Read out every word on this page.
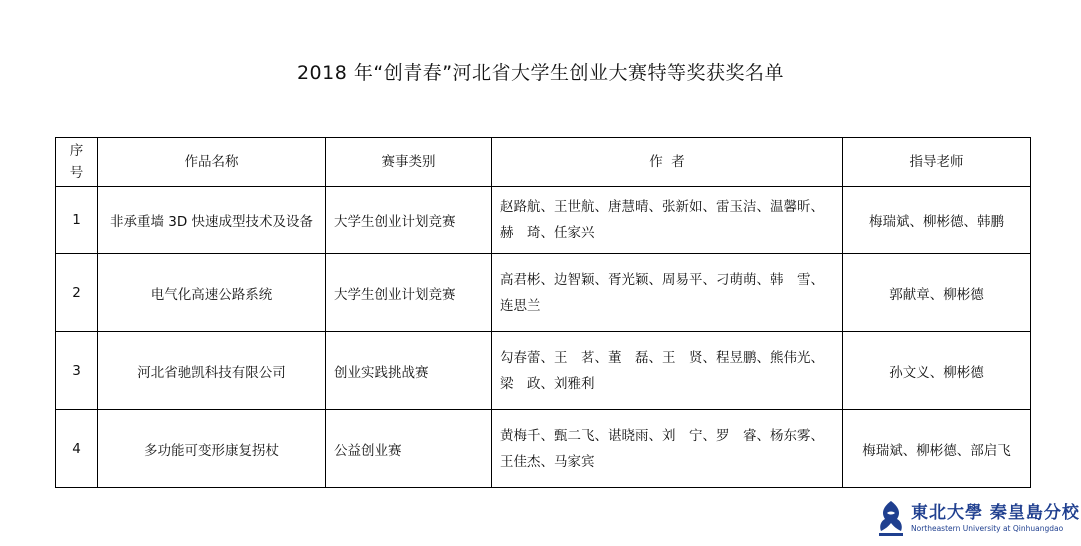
2018 年“创青春”河北省大学生创业大赛特等奖获奖名单
序
号	作品名称	赛事类别	作  者	指导老师
1	非承重墙 3D 快速成型技术及设备	大学生创业计划竞赛	赵路航、王世航、唐慧晴、张新如、雷玉洁、温馨昕、
赫　琦、任家兴	梅瑞斌、柳彬德、韩鹏
2	电气化高速公路系统	大学生创业计划竞赛	高君彬、边智颖、胥光颖、周易平、刁萌萌、韩　雪、
连思兰	郭献章、柳彬德
3	河北省驰凯科技有限公司	创业实践挑战赛	勾春蕾、王　茗、董　磊、王　贤、程昱鹏、熊伟光、
梁　政、刘雅利	孙文义、柳彬德
4	多功能可变形康复拐杖	公益创业赛	黄梅千、甄二飞、谌晓雨、刘　宁、罗　睿、杨东雾、
王佳杰、马家宾	梅瑞斌、柳彬德、部启飞
東北大學 秦皇島分校
Northeastern University at Qinhuangdao
